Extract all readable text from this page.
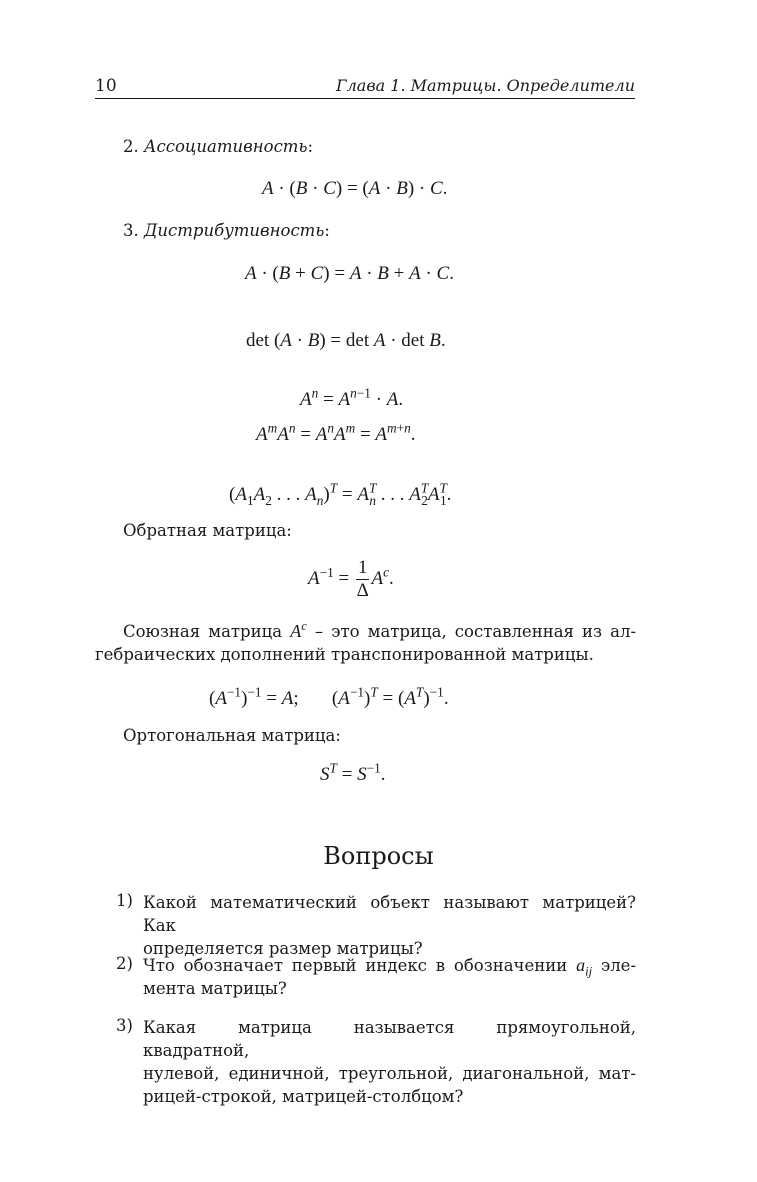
10	Глава 1. Матрицы. Определители
2. Ассоциативность:
A · (B · C) = (A · B) · C.
3. Дистрибутивность:
A · (B + C) = A · B + A · C.
det (A · B) = det A · det B.
$A^n = A^{n-1} \cdot A$.
$A^mA^n = A^nA^m = A^{m+n}$.
($A_1A_2$ . . . $A_n)^T = A^T_n$ . . . $A^T_2A^T_1$.
Обратная матрица:
$A^{-1} = \frac{1}{\Delta} A^c$.
Союзная матрица $A^c$ – это матрица, составленная из ал-
гебраических дополнений транспонированной матрицы.
$(A^{-1})^{-1} = A$;       $(A^{-1})^T = (A^T)^{-1}$.
Ортогональная матрица:
$S^T = S^{-1}$.
Вопросы
1) Какой математический объект называют матрицей? Как
определяется размер матрицы?
2) Что обозначает первый индекс в обозначении $a_{ij}$ эле-
мента матрицы?
3) Какая матрица называется прямоугольной, квадратной,
нулевой, единичной, треугольной, диагональной, мат-
рицей-строкой, матрицей-столбцом?
